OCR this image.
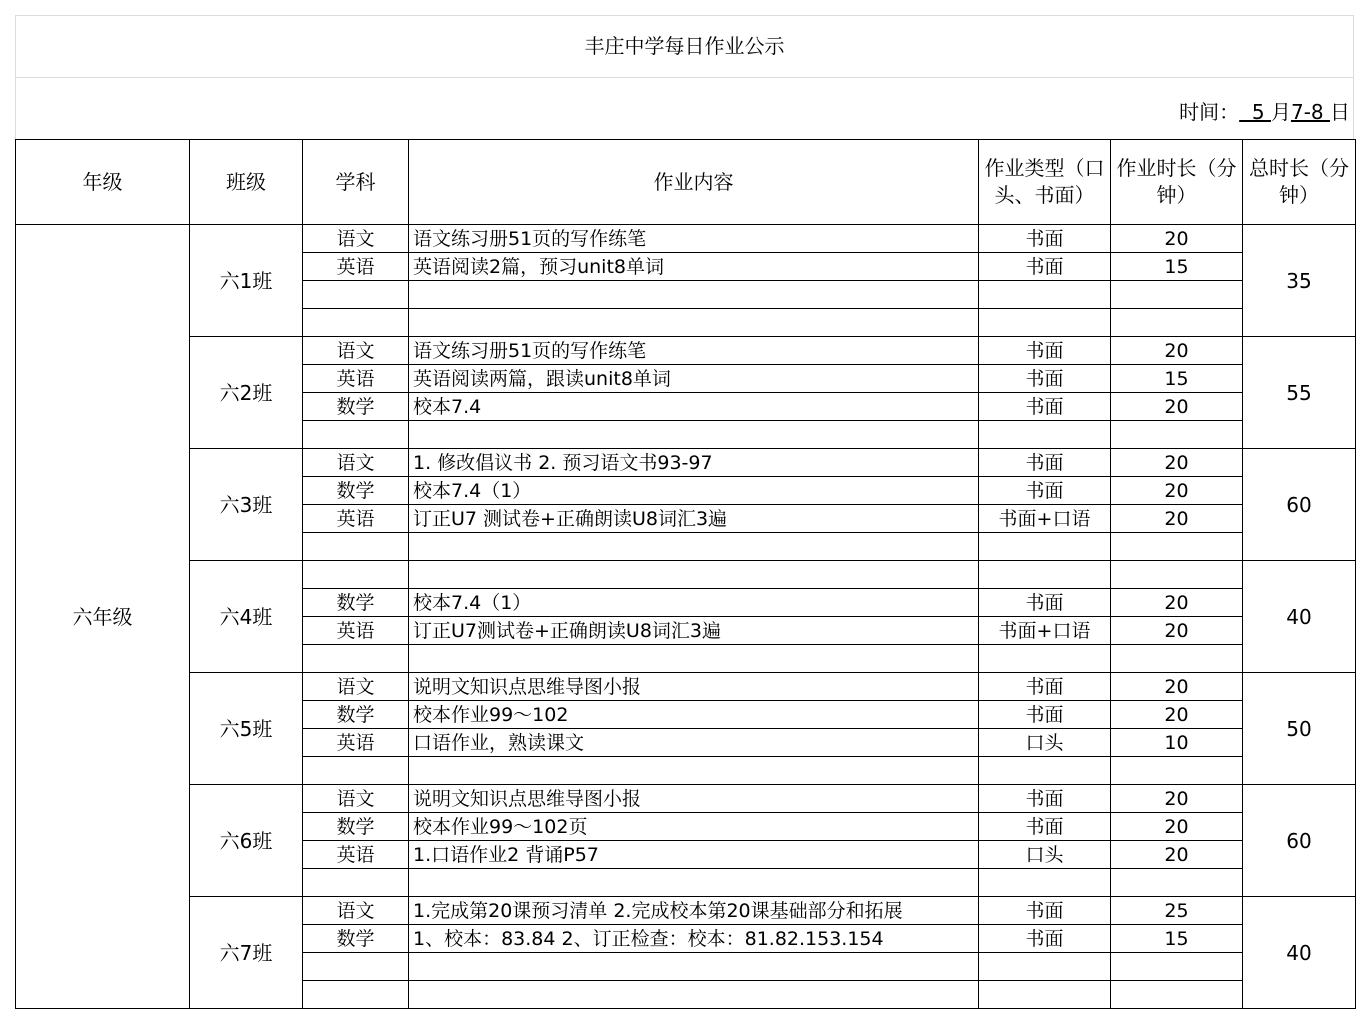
丰庄中学每日作业公示
时间：  5 月7-8 日
年级	班级	学科	作业内容	作业类型（口头、书面）	作业时长（分钟）	总时长（分钟）
六年级	六1班	语文	语文练习册51页的写作练笔	书面	20	35
		英语	英语阅读2篇，预习unit8单词	书面	15	

	六2班	语文	语文练习册51页的写作练笔	书面	20	55
		英语	英语阅读两篇，跟读unit8单词	书面	15	
		数学	校本7.4	书面	20	

	六3班	语文	1. 修改倡议书 2. 预习语文书93-97	书面	20	60
		数学	校本7.4（1）	书面	20	
		英语	订正U7 测试卷+正确朗读U8词汇3遍	书面+口语	20	

	六4班					40
		数学	校本7.4（1）	书面	20	
		英语	订正U7测试卷+正确朗读U8词汇3遍	书面+口语	20	

	六5班	语文	说明文知识点思维导图小报	书面	20	50
		数学	校本作业99～102	书面	20	
		英语	口语作业，熟读课文	口头	10	

	六6班	语文	说明文知识点思维导图小报	书面	20	60
		数学	校本作业99～102页	书面	20	
		英语	1.口语作业2 背诵P57	口头	20	

	六7班	语文	1.完成第20课预习清单 2.完成校本第20课基础部分和拓展	书面	25	40
		数学	1、校本：83.84 2、订正检查：校本：81.82.153.154	书面	15	
